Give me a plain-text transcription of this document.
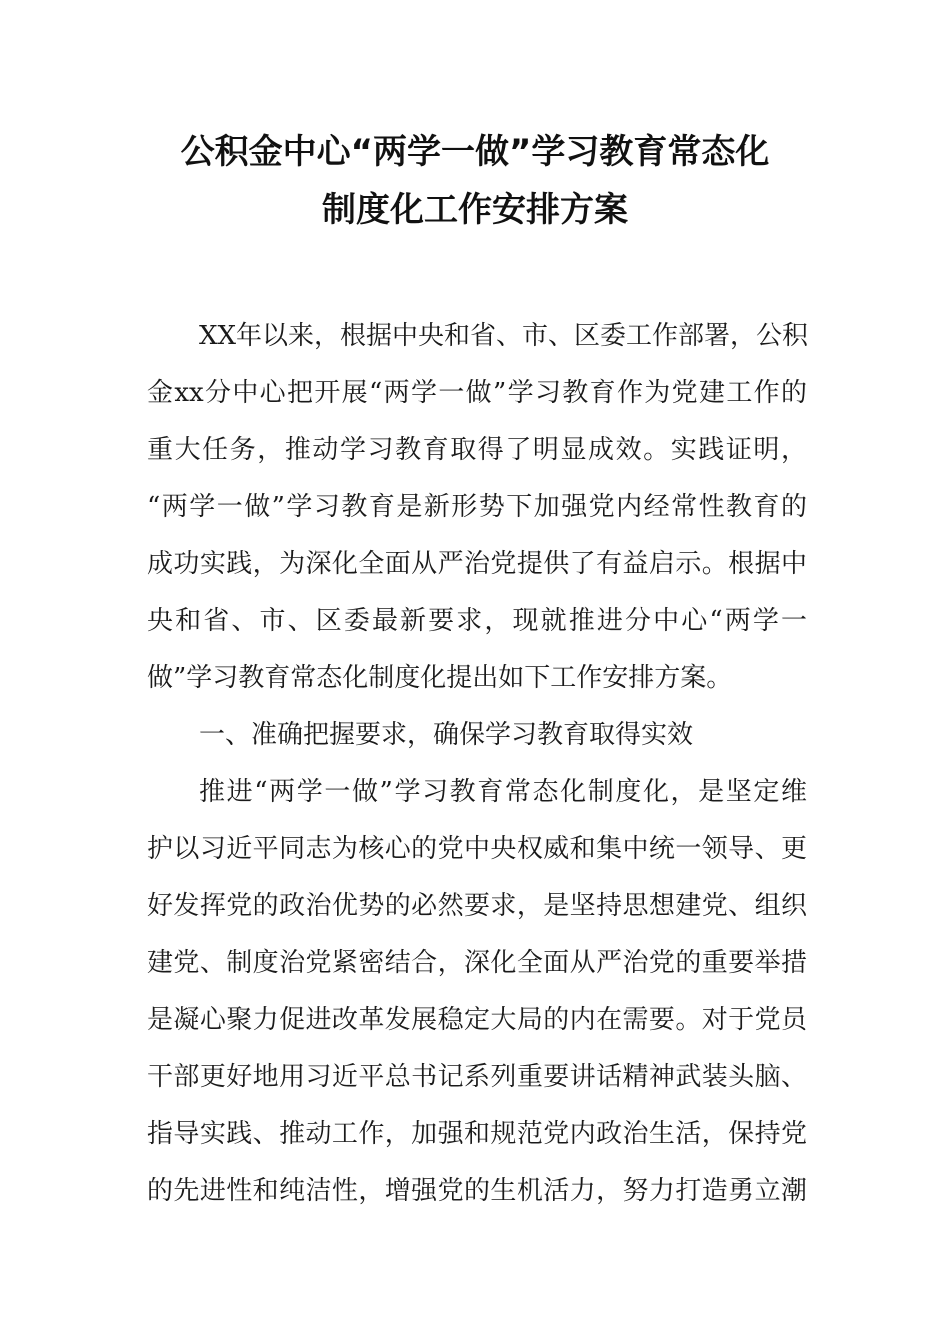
公积金中心“两学一做”学习教育常态化
制度化工作安排方案
XX年以来，根据中央和省、市、区委工作部署，公积
金xx分中心把开展“两学一做”学习教育作为党建工作的
重大任务，推动学习教育取得了明显成效。实践证明，
“两学一做”学习教育是新形势下加强党内经常性教育的
成功实践，为深化全面从严治党提供了有益启示。根据中
央和省、市、区委最新要求，现就推进分中心“两学一
做”学习教育常态化制度化提出如下工作安排方案。
一、准确把握要求，确保学习教育取得实效
推进“两学一做”学习教育常态化制度化，是坚定维
护以习近平同志为核心的党中央权威和集中统一领导、更
好发挥党的政治优势的必然要求，是坚持思想建党、组织
建党、制度治党紧密结合，深化全面从严治党的重要举措
是凝心聚力促进改革发展稳定大局的内在需要。对于党员
干部更好地用习近平总书记系列重要讲话精神武装头脑、
指导实践、推动工作，加强和规范党内政治生活，保持党
的先进性和纯洁性，增强党的生机活力，努力打造勇立潮
